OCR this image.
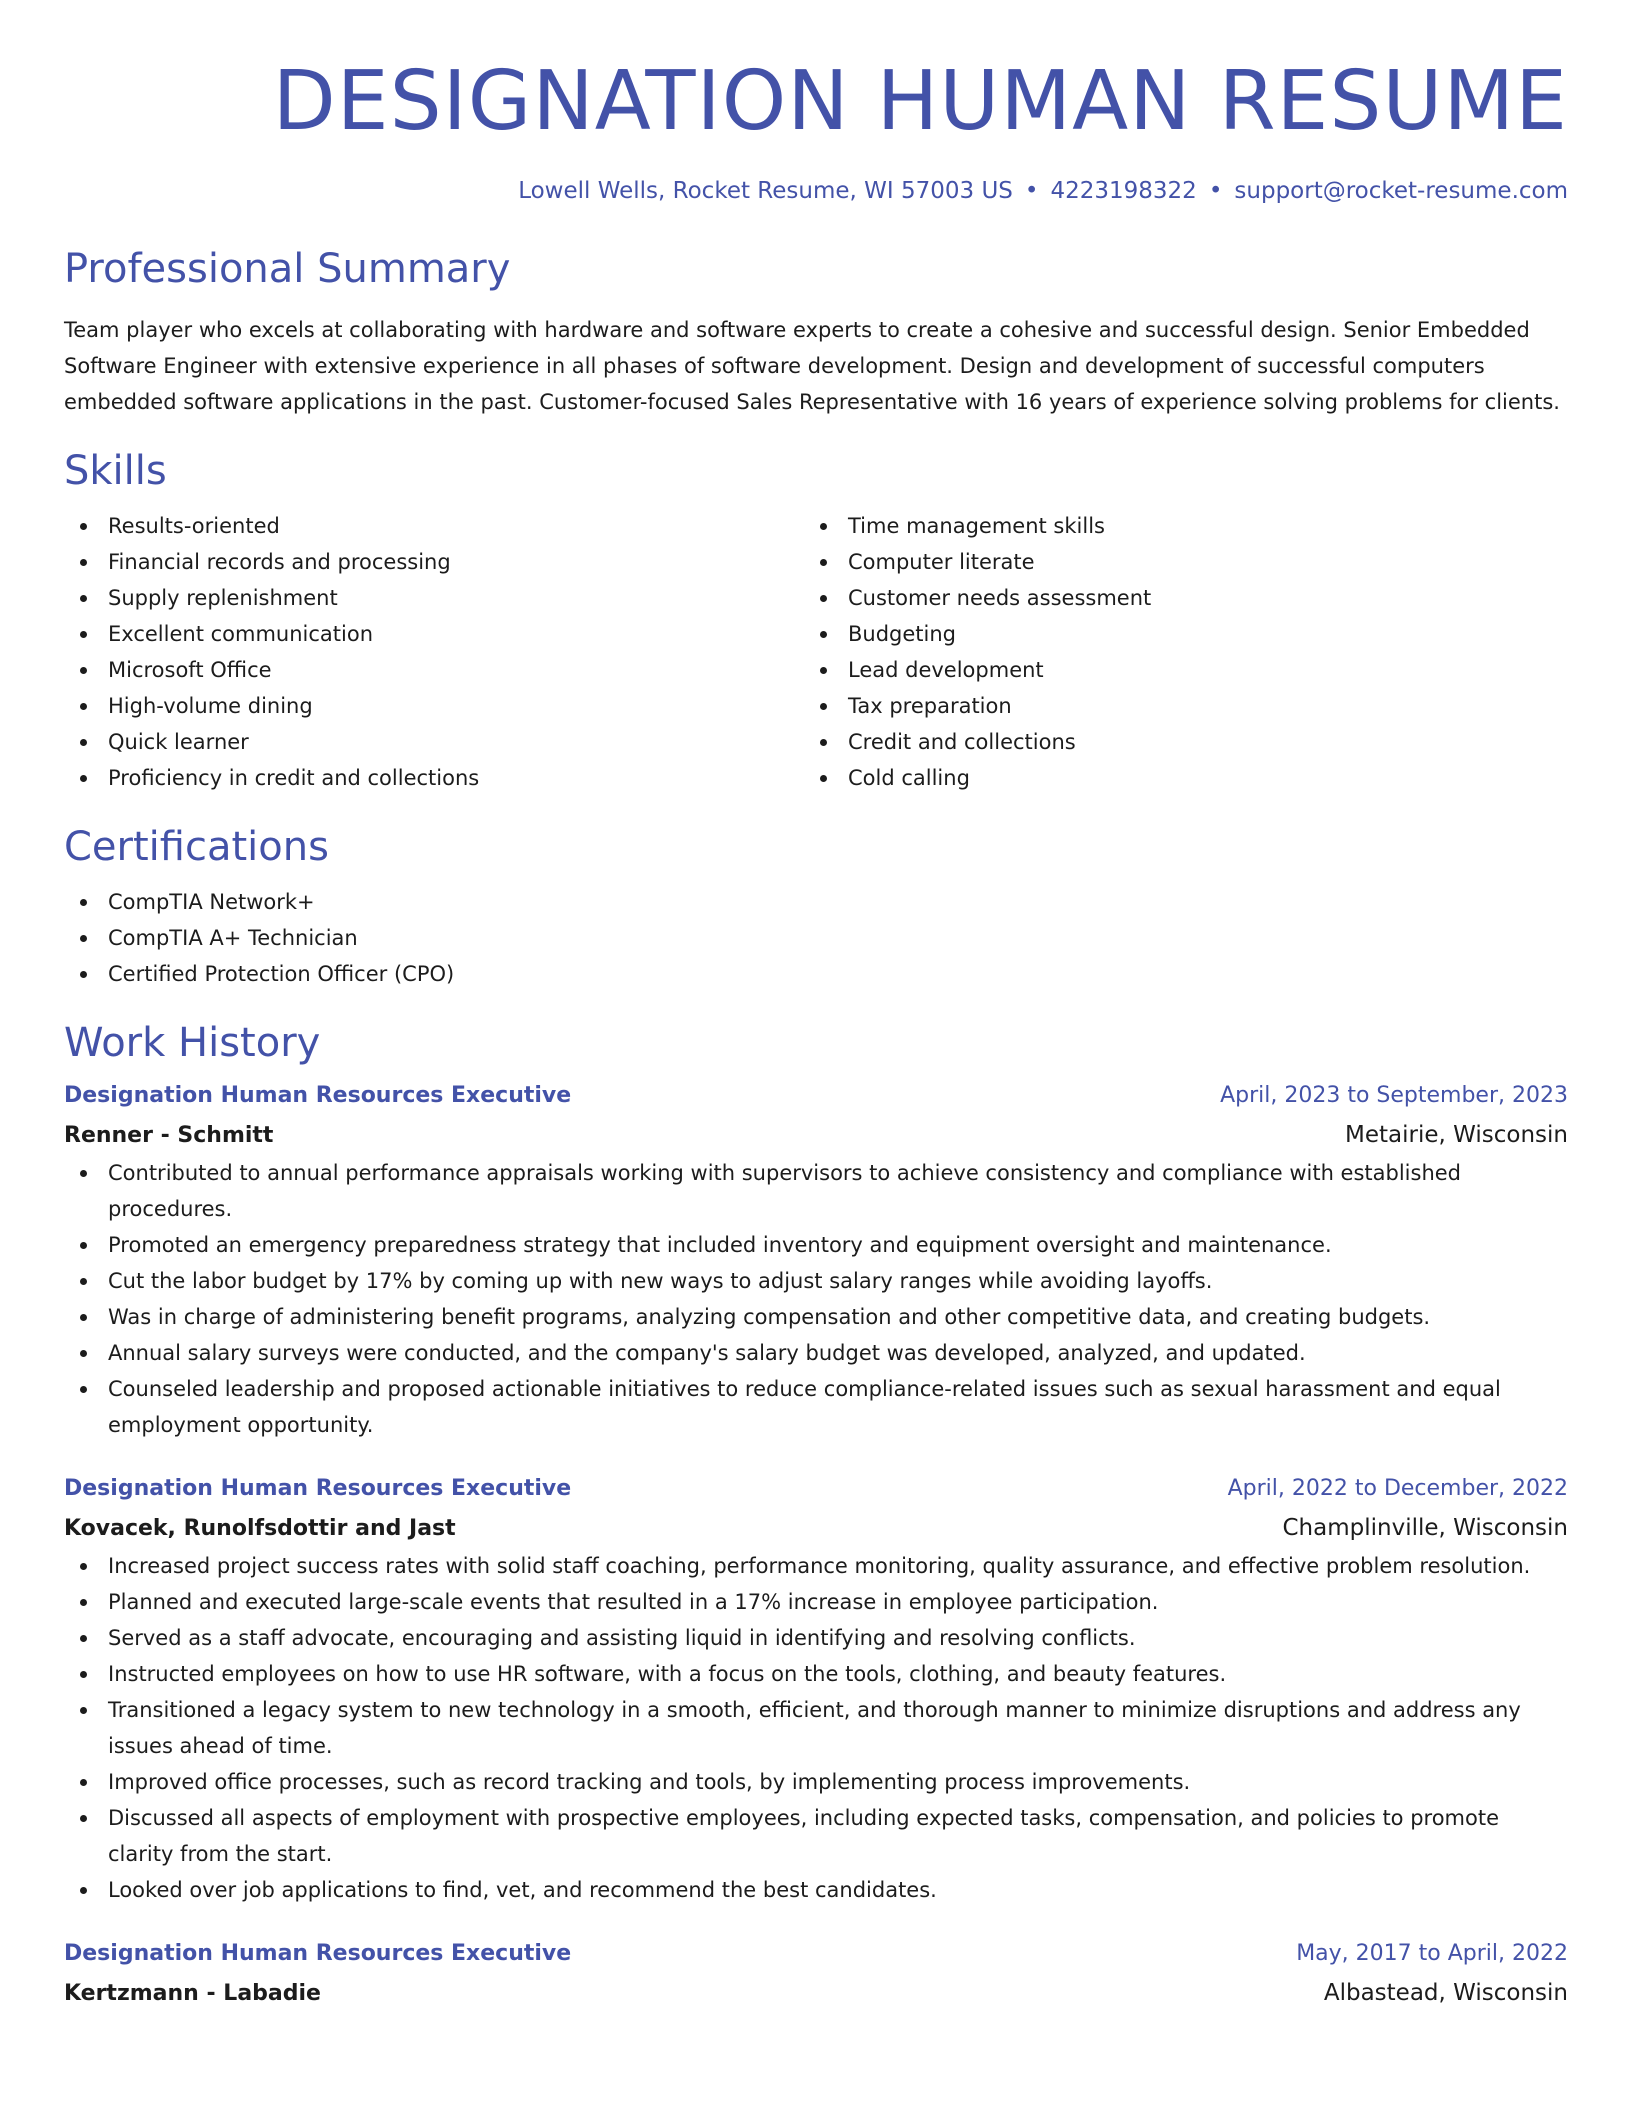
DESIGNATION HUMAN RESUME
Lowell Wells, Rocket Resume, WI 57003 US • 4223198322 • support@rocket-resume.com
Professional Summary

Team player who excels at collaborating with hardware and software experts to create a cohesive and successful design. Senior Embedded Software Engineer with extensive experience in all phases of software development. Design and development of successful computers embedded software applications in the past. Customer-focused Sales Representative with 16 years of experience solving problems for clients.

Skills
Results-oriented
Financial records and processing
Supply replenishment
Excellent communication
Microsoft Office
High-volume dining
Quick learner
Proficiency in credit and collections
Time management skills
Computer literate
Customer needs assessment
Budgeting
Lead development
Tax preparation
Credit and collections
Cold calling
Certifications
CompTIA Network+
CompTIA A+ Technician
Certified Protection Officer (CPO)
Work History
Designation Human Resources Executive	April, 2023 to September, 2023
Renner - Schmitt	Metairie, Wisconsin
Contributed to annual performance appraisals working with supervisors to achieve consistency and compliance with established procedures.
Promoted an emergency preparedness strategy that included inventory and equipment oversight and maintenance.
Cut the labor budget by 17% by coming up with new ways to adjust salary ranges while avoiding layoffs.
Was in charge of administering benefit programs, analyzing compensation and other competitive data, and creating budgets.
Annual salary surveys were conducted, and the company's salary budget was developed, analyzed, and updated.
Counseled leadership and proposed actionable initiatives to reduce compliance-related issues such as sexual harassment and equal employment opportunity.
Designation Human Resources Executive	April, 2022 to December, 2022
Kovacek, Runolfsdottir and Jast	Champlinville, Wisconsin
Increased project success rates with solid staff coaching, performance monitoring, quality assurance, and effective problem resolution.
Planned and executed large-scale events that resulted in a 17% increase in employee participation.
Served as a staff advocate, encouraging and assisting liquid in identifying and resolving conflicts.
Instructed employees on how to use HR software, with a focus on the tools, clothing, and beauty features.
Transitioned a legacy system to new technology in a smooth, efficient, and thorough manner to minimize disruptions and address any issues ahead of time.
Improved office processes, such as record tracking and tools, by implementing process improvements.
Discussed all aspects of employment with prospective employees, including expected tasks, compensation, and policies to promote clarity from the start.
Looked over job applications to find, vet, and recommend the best candidates.
Designation Human Resources Executive	May, 2017 to April, 2022
Kertzmann - Labadie	Albastead, Wisconsin
